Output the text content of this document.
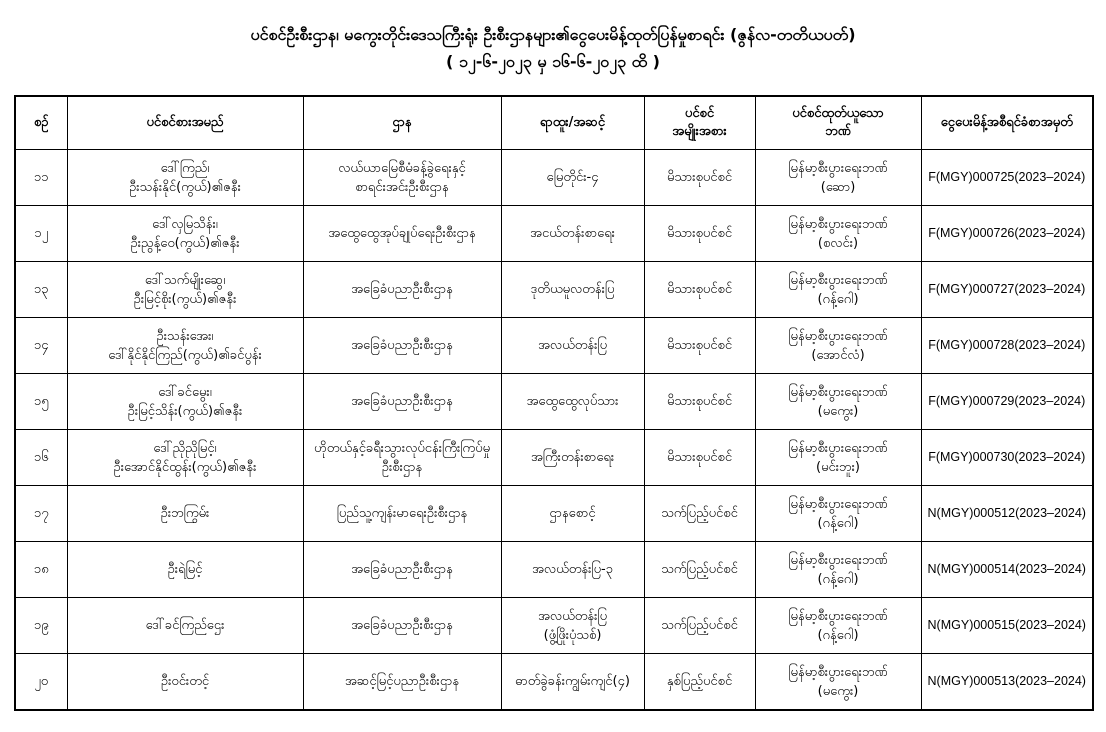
ပင်စင်ဦးစီးဌာန၊ မကွေးတိုင်းဒေသကြီးရုံး ဦးစီးဌာနများ၏ငွေပေးမိန့်ထုတ်ပြန်မှုစာရင်း (ဇွန်လ-တတိယပတ်)
( ၁၂-၆-၂၀၂၃ မှ ၁၆-၆-၂၀၂၃ ထိ )
စဉ်	ပင်စင်စားအမည်	ဌာန	ရာထူး/အဆင့်	ပင်စင်
အမျိုးအစား	ပင်စင်ထုတ်ယူသော
ဘဏ်	ငွေပေးမိန့်အစီရင်ခံစာအမှတ်

၁၁	ဒေါ်ကြည်၊
ဦးသန်းနိုင်(ကွယ်)၏ဇနီး	လယ်ယာမြေစီမံခန့်ခွဲရေးနှင့်
စာရင်းအင်းဦးစီးဌာန	မြေတိုင်း-၄	မိသားစုပင်စင်	မြန်မာ့စီးပွားရေးဘဏ်
(ဆော)	F(MGY)000725(2023–2024)

၁၂	ဒေါ်လှမြသိန်း၊
ဦးညွန့်ဝေ(ကွယ်)၏ဇနီး	အထွေထွေအုပ်ချုပ်ရေးဦးစီးဌာန	အငယ်တန်းစာရေး	မိသားစုပင်စင်	မြန်မာ့စီးပွားရေးဘဏ်
(စလင်း)	F(MGY)000726(2023–2024)

၁၃	ဒေါ်သက်မျိုးဆွေ၊
ဦးမြင့်စိုး(ကွယ်)၏ဇနီး	အခြေခံပညာဦးစီးဌာန	ဒုတိယမူလတန်းပြ	မိသားစုပင်စင်	မြန်မာ့စီးပွားရေးဘဏ်
(ဂန့်ဂေါ)	F(MGY)000727(2023–2024)

၁၄	ဦးသန်းအေး၊
ဒေါ်နိုင်နိုင်ကြည်(ကွယ်)၏ခင်ပွန်း	အခြေခံပညာဦးစီးဌာန	အလယ်တန်းပြ	မိသားစုပင်စင်	မြန်မာ့စီးပွားရေးဘဏ်
(အောင်လံ)	F(MGY)000728(2023–2024)

၁၅	ဒေါ်ခင်မွေး၊
ဦးမြင့်သိန်း(ကွယ်)၏ဇနီး	အခြေခံပညာဦးစီးဌာန	အထွေထွေလုပ်သား	မိသားစုပင်စင်	မြန်မာ့စီးပွားရေးဘဏ်
(မကွေး)	F(MGY)000729(2023–2024)

၁၆	ဒေါ်ညိုညိုမြင့်၊
ဦးအောင်နိုင်ထွန်း(ကွယ်)၏ဇနီး	ဟိုတယ်နှင့်ခရီးသွားလုပ်ငန်းကြီးကြပ်မှု
ဦးစီးဌာန	အကြီးတန်းစာရေး	မိသားစုပင်စင်	မြန်မာ့စီးပွားရေးဘဏ်
(မင်းဘူး)	F(MGY)000730(2023–2024)

၁၇	ဦးဘကြွမ်း	ပြည်သူ့ကျန်းမာရေးဦးစီးဌာန	ဌာနစောင့်	သက်ပြည့်ပင်စင်	မြန်မာ့စီးပွားရေးဘဏ်
(ဂန့်ဂေါ)	N(MGY)000512(2023–2024)

၁၈	ဦးရဲမြင့်	အခြေခံပညာဦးစီးဌာန	အလယ်တန်းပြ-၃	သက်ပြည့်ပင်စင်	မြန်မာ့စီးပွားရေးဘဏ်
(ဂန့်ဂေါ)	N(MGY)000514(2023–2024)

၁၉	ဒေါ်ခင်ကြည်ဌေး	အခြေခံပညာဦးစီးဌာန	အလယ်တန်းပြ
(ဖွံ့ဖြိုးပုံသစ်)	သက်ပြည့်ပင်စင်	မြန်မာ့စီးပွားရေးဘဏ်
(ဂန့်ဂေါ)	N(MGY)000515(2023–2024)

၂၀	ဦးဝင်းတင့်	အဆင့်မြင့်ပညာဦးစီးဌာန	ဓာတ်ခွဲခန်းကျွမ်းကျင်(၄)	နှစ်ပြည့်ပင်စင်	မြန်မာ့စီးပွားရေးဘဏ်
(မကွေး)	N(MGY)000513(2023–2024)
